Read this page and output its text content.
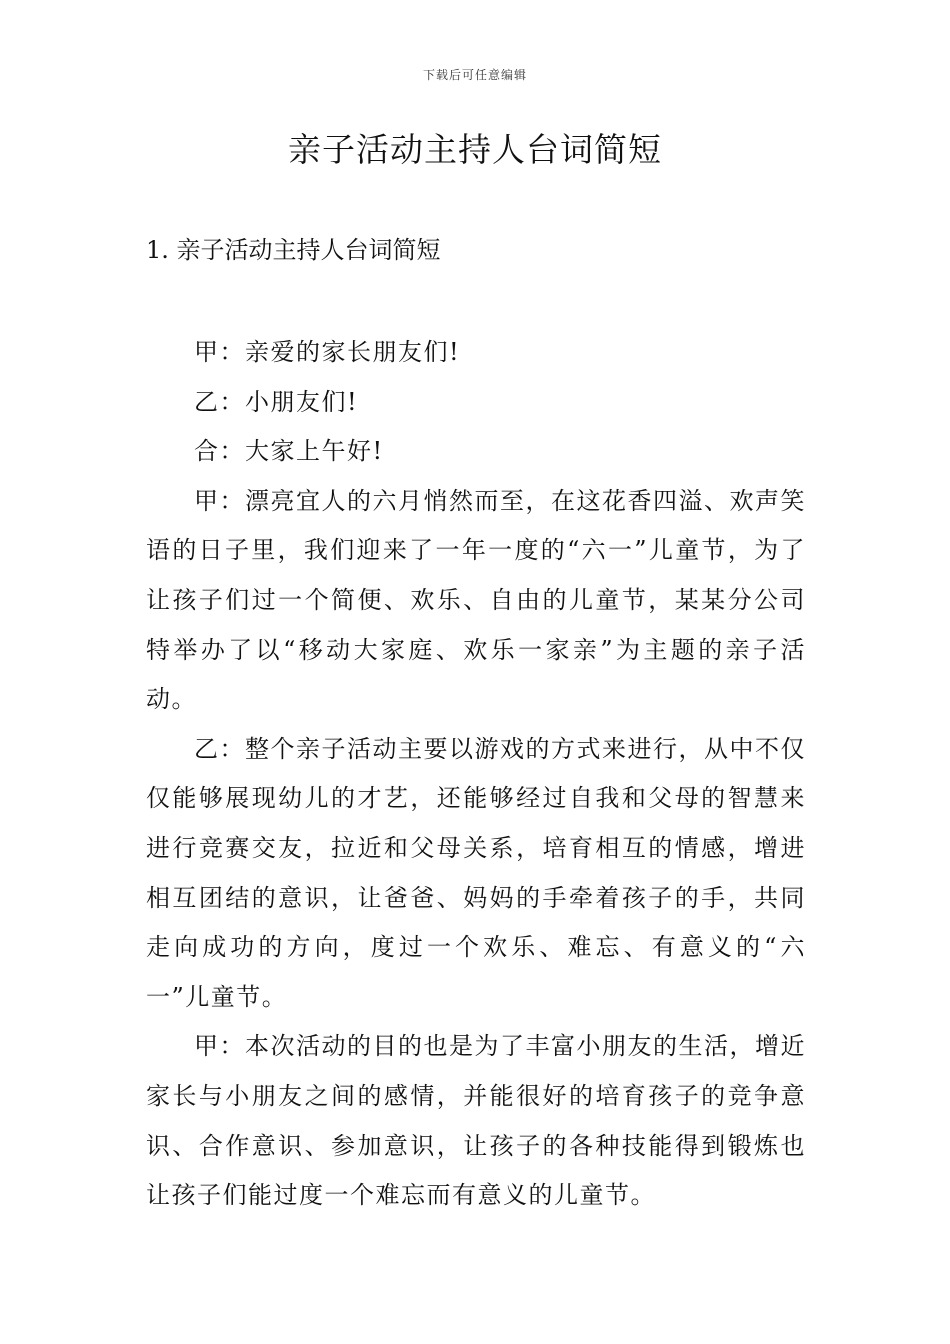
下载后可任意编辑
亲子活动主持人台词简短
1. 亲子活动主持人台词简短

甲：亲爱的家长朋友们!

乙：小朋友们!

合：大家上午好!

甲：漂亮宜人的六月悄然而至，在这花香四溢、欢声笑语的日子里，我们迎来了一年一度的“六一”儿童节，为了让孩子们过一个简便、欢乐、自由的儿童节，某某分公司特举办了以“移动大家庭、欢乐一家亲”为主题的亲子活动。

乙：整个亲子活动主要以游戏的方式来进行，从中不仅仅能够展现幼儿的才艺，还能够经过自我和父母的智慧来进行竞赛交友，拉近和父母关系，培育相互的情感，增进相互团结的意识，让爸爸、妈妈的手牵着孩子的手，共同走向成功的方向，度过一个欢乐、难忘、有意义的“六一”儿童节。

甲：本次活动的目的也是为了丰富小朋友的生活，增近家长与小朋友之间的感情，并能很好的培育孩子的竞争意识、合作意识、参加意识，让孩子的各种技能得到锻炼也让孩子们能过度一个难忘而有意义的儿童节。
